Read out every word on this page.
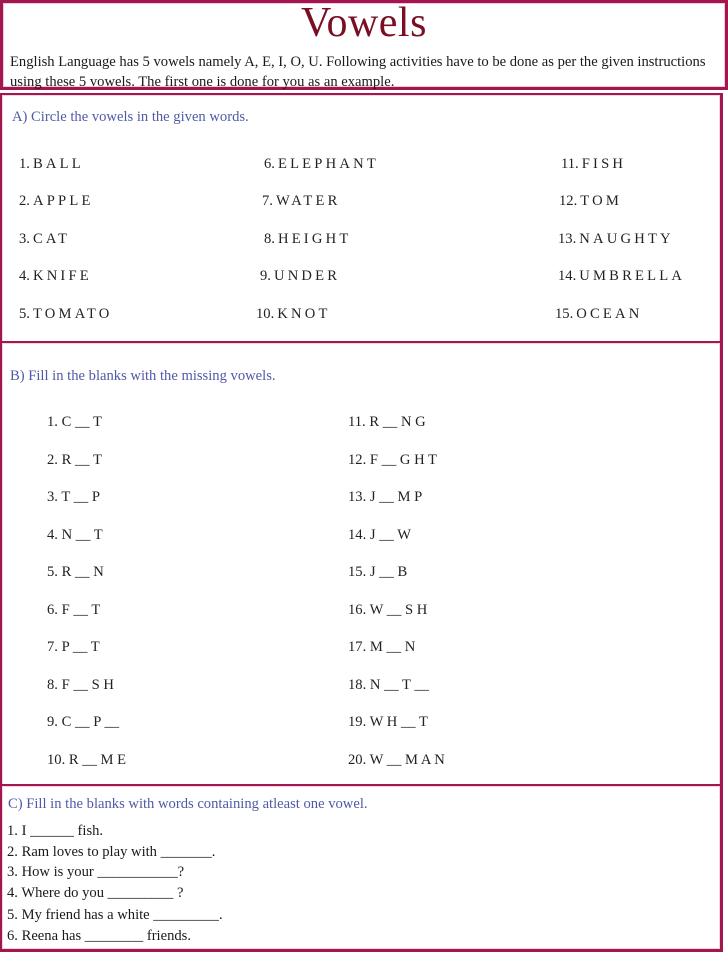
Vowels
English Language has 5 vowels namely A, E, I, O, U. Following activities have to be done as per the given instructions using these 5 vowels. The first one is done for you as an example.
A) Circle the vowels in the given words.
1. BALL
2. APPLE
3. CAT
4. KNIFE
5. TOMATO
6. ELEPHANT
7. WATER
8. HEIGHT
9. UNDER
10. KNOT
11. FISH
12. TOM
13. NAUGHTY
14. UMBRELLA
15. OCEAN
B) Fill in the blanks with the missing vowels.
1. C __ T
2. R __ T
3. T __ P
4. N __ T
5. R __ N
6. F __ T
7. P __ T
8. F __ S H
9. C __ P __
10. R __ M E
11. R __ N G
12. F __ G H T
13. J __ M P
14. J __ W
15. J __ B
16. W __ S H
17. M __ N
18. N __ T __
19. W H __ T
20. W __ M A N
C) Fill in the blanks with words containing atleast one vowel.
1. I ______ fish.
2. Ram loves to play with _______.
3. How is your ___________?
4. Where do you _________ ?
5. My friend has a white _________.
6. Reena has ________ friends.
